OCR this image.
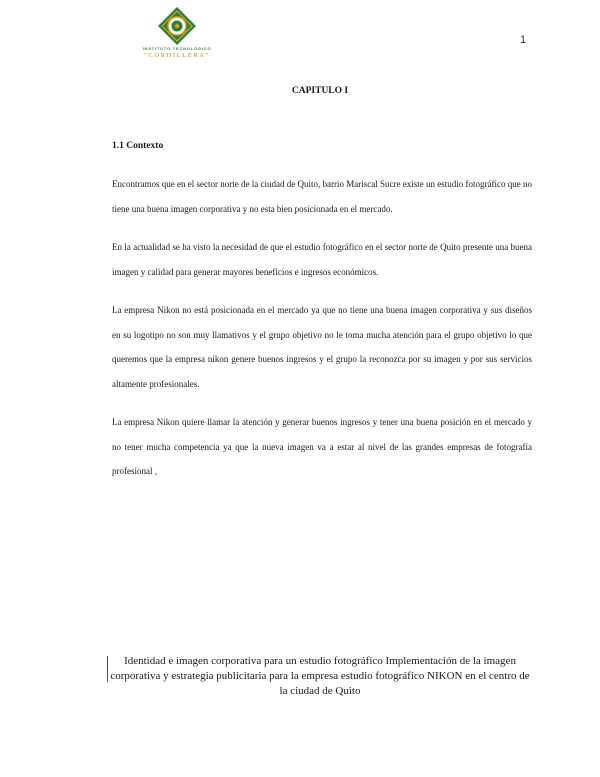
INSTITUTO TECNOLÓGICO
"CORDILLERA"
1
CAPITULO I
1.1 Contexto

Encontramos que en el sector norte de la ciudad de Quito, barrio Mariscal Sucre existe un estudio fotográfico que no tiene una buena imagen corporativa y no esta bien posicionada en el mercado.

En la actualidad se ha visto la necesidad de que el estudio fotográfico en el sector norte de Quito presente una buena imagen y calidad para generar mayores beneficios e ingresos económicos.

La empresa Nikon no está posicionada en el mercado ya que no tiene una buena imagen corporativa y sus diseños en su logotipo no son muy llamativos y el grupo objetivo no le toma mucha atención para el grupo objetivo lo que queremos que la empresa nikon genere buenos ingresos y el grupo la reconozca por su imagen y por sus servicios altamente profesionales.

La empresa Nikon quiere llamar la atención y generar buenos ingresos y tener una buena posición en el mercado y no tener mucha competencia ya que la nueva imagen va a estar al nivel de las grandes empresas de fotografía profesional ,

Identidad e imagen corporativa para un estudio fotográfico Implementación de la imagen corporativa y estrategia publicitaria para la empresa estudio fotográfico NIKON en el centro de la ciudad de Quito
